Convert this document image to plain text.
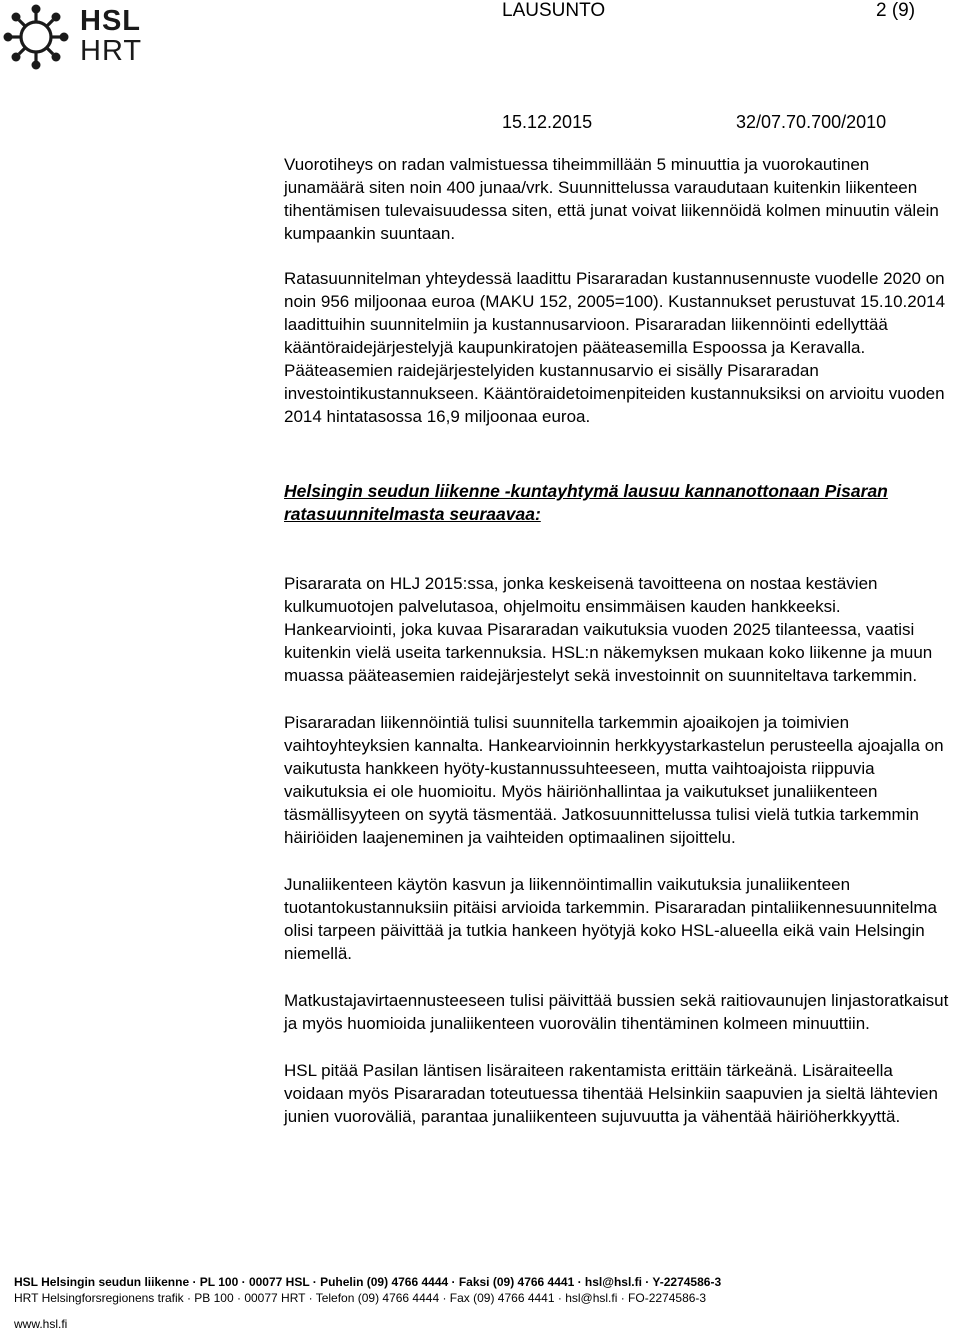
HSL
HRT
LAUSUNTO	2 (9)
15.12.2015	32/07.70.700/2010

Vuorotiheys on radan valmistuessa tiheimmillään 5 minuuttia ja vuorokautinen junamäärä siten noin 400 junaa/vrk. Suunnittelussa varaudutaan kuitenkin liikenteen tihentämisen tulevaisuudessa siten, että junat voivat liikennöidä kolmen minuutin välein kumpaankin suuntaan.

Ratasuunnitelman yhteydessä laadittu Pisararadan kustannusennuste vuodelle 2020 on noin 956 miljoonaa euroa (MAKU 152, 2005=100). Kustannukset perustuvat 15.10.2014 laadittuihin suunnitelmiin ja kustannusarvioon. Pisararadan liikennöinti edellyttää kääntöraidejärjestelyjä kaupunkiratojen pääteasemilla Espoossa ja Keravalla. Pääteasemien raidejärjestelyiden kustannusarvio ei sisälly Pisararadan investointikustannukseen. Kääntöraidetoimenpiteiden kustannuksiksi on arvioitu vuoden 2014 hintatasossa 16,9 miljoonaa euroa.

Helsingin seudun liikenne -kuntayhtymä lausuu kannanottonaan Pisaran ratasuunnitelmasta seuraavaa:

Pisararata on HLJ 2015:ssa, jonka keskeisenä tavoitteena on nostaa kestävien kulkumuotojen palvelutasoa, ohjelmoitu ensimmäisen kauden hankkeeksi. Hankearviointi, joka kuvaa Pisararadan vaikutuksia vuoden 2025 tilanteessa, vaatisi kuitenkin vielä useita tarkennuksia. HSL:n näkemyksen mukaan koko liikenne ja muun muassa pääteasemien raidejärjestelyt sekä investoinnit on suunniteltava tarkemmin.

Pisararadan liikennöintiä tulisi suunnitella tarkemmin ajoaikojen ja toimivien vaihtoyhteyksien kannalta. Hankearvioinnin herkkyystarkastelun perusteella ajoajalla on vaikutusta hankkeen hyöty-kustannussuhteeseen, mutta vaihtoajoista riippuvia vaikutuksia ei ole huomioitu. Myös häiriönhallintaa ja vaikutukset junaliikenteen täsmällisyyteen on syytä täsmentää. Jatkosuunnittelussa tulisi vielä tutkia tarkemmin häiriöiden laajeneminen ja vaihteiden optimaalinen sijoittelu.

Junaliikenteen käytön kasvun ja liikennöintimallin vaikutuksia junaliikenteen tuotantokustannuksiin pitäisi arvioida tarkemmin. Pisararadan pintaliikennesuunnitelma olisi tarpeen päivittää ja tutkia hankeen hyötyjä koko HSL-alueella eikä vain Helsingin niemellä.

Matkustajavirtaennusteeseen tulisi päivittää bussien sekä raitiovaunujen linjastoratkaisut ja myös huomioida junaliikenteen vuorovälin tihentäminen kolmeen minuuttiin.

HSL pitää Pasilan läntisen lisäraiteen rakentamista erittäin tärkeänä. Lisäraiteella voidaan myös Pisararadan toteutuessa tihentää Helsinkiin saapuvien ja sieltä lähtevien junien vuoroväliä, parantaa junaliikenteen sujuvuutta ja vähentää häiriöherkkyyttä.

HSL Helsingin seudun liikenne · PL 100 · 00077 HSL · Puhelin (09) 4766 4444 · Faksi (09) 4766 4441 · hsl@hsl.fi · Y-2274586-3
HRT Helsingforsregionens trafik · PB 100 · 00077 HRT · Telefon (09) 4766 4444 · Fax (09) 4766 4441 · hsl@hsl.fi · FO-2274586-3
www.hsl.fi
